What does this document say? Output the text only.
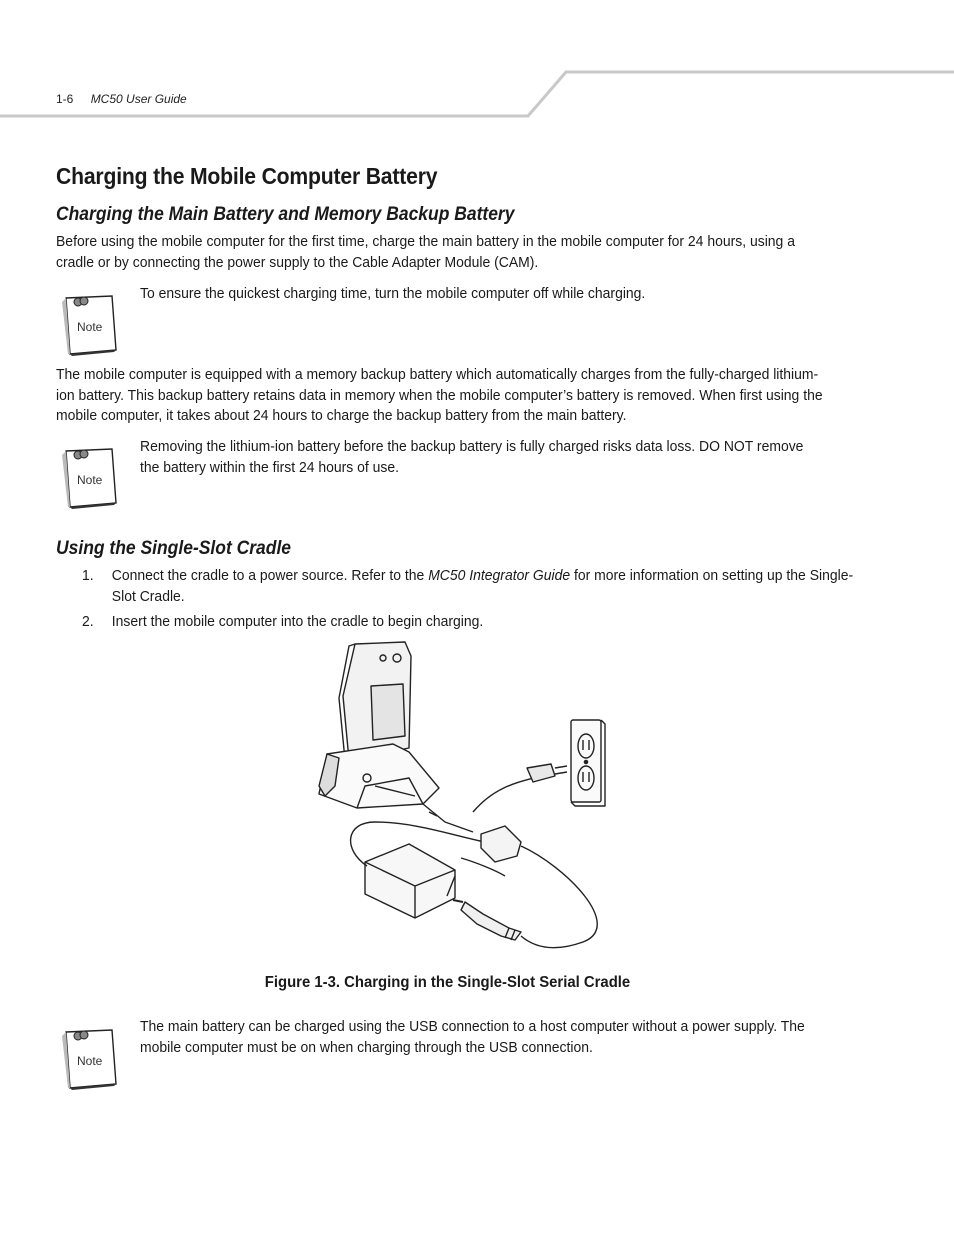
1-6 MC50 User Guide
Charging the Mobile Computer Battery
Charging the Main Battery and Memory Backup Battery

Before using the mobile computer for the first time, charge the main battery in the mobile computer for 24 hours, using a cradle or by connecting the power supply to the Cable Adapter Module (CAM).

Note

To ensure the quickest charging time, turn the mobile computer off while charging.

The mobile computer is equipped with a memory backup battery which automatically charges from the fully-charged lithium-ion battery. This backup battery retains data in memory when the mobile computer’s battery is removed. When first using the mobile computer, it takes about 24 hours to charge the backup battery from the main battery.

Note

Removing the lithium-ion battery before the backup battery is fully charged risks data loss. DO NOT remove
the battery within the first 24 hours of use.

Using the Single-Slot Cradle
1. Connect the cradle to a power source. Refer to the MC50 Integrator Guide for more information on setting up the Single-Slot Cradle.
2. Insert the mobile computer into the cradle to begin charging.
Figure 1-3. Charging in the Single-Slot Serial Cradle
Note

The main battery can be charged using the USB connection to a host computer without a power supply. The
mobile computer must be on when charging through the USB connection.
